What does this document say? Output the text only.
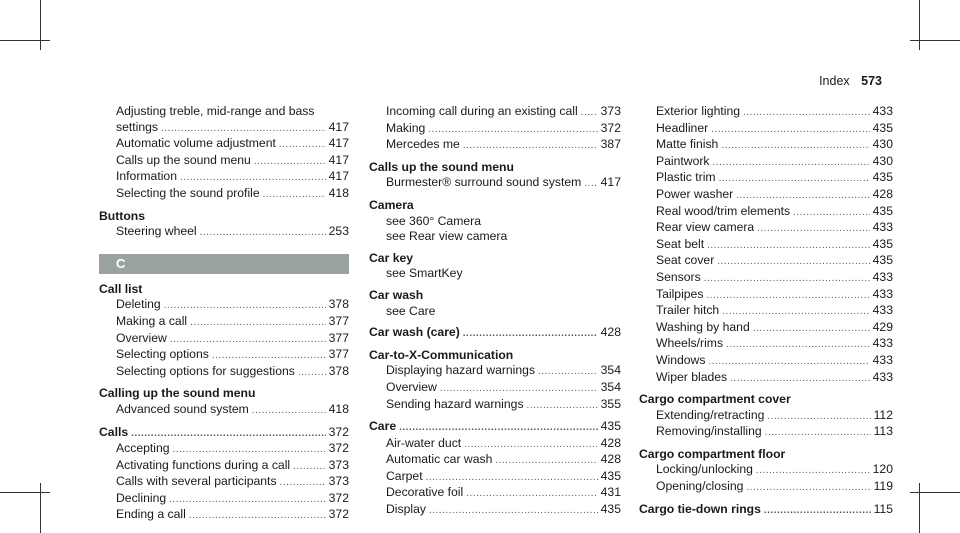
Index 573
Adjusting treble, mid-range and bass
settings .....	417
Automatic volume adjustment .....	417
Calls up the sound menu .....	417
Information .....	417
Selecting the sound profile .....	418
Buttons
Steering wheel .....	253
C
Call list
Deleting .....	378
Making a call .....	377
Overview .....	377
Selecting options .....	377
Selecting options for suggestions .....	378
Calling up the sound menu
Advanced sound system .....	418
Calls .....	372
Accepting .....	372
Activating functions during a call .....	373
Calls with several participants .....	373
Declining .....	372
Ending a call .....	372
Incoming call during an existing call ..... 373
Making .....	372
Mercedes me .....	387
Calls up the sound menu
Burmester® surround sound system ..... 417
Camera
see 360° Camera
see Rear view camera
Car key
see SmartKey
Car wash
see Care
Car wash (care) .....	428
Car-to-X-Communication
Displaying hazard warnings .....	354
Overview .....	354
Sending hazard warnings .....	355
Care .....	435
Air-water duct .....	428
Automatic car wash .....	428
Carpet .....	435
Decorative foil .....	431
Display .....	435
Exterior lighting .....	433
Headliner .....	435
Matte finish .....	430
Paintwork .....	430
Plastic trim .....	435
Power washer .....	428
Real wood/trim elements .....	435
Rear view camera .....	433
Seat belt .....	435
Seat cover .....	435
Sensors .....	433
Tailpipes .....	433
Trailer hitch .....	433
Washing by hand .....	429
Wheels/rims .....	433
Windows .....	433
Wiper blades .....	433
Cargo compartment cover
Extending/retracting .....	112
Removing/installing .....	113
Cargo compartment floor
Locking/unlocking .....	120
Opening/closing .....	119
Cargo tie-down rings .....	115
